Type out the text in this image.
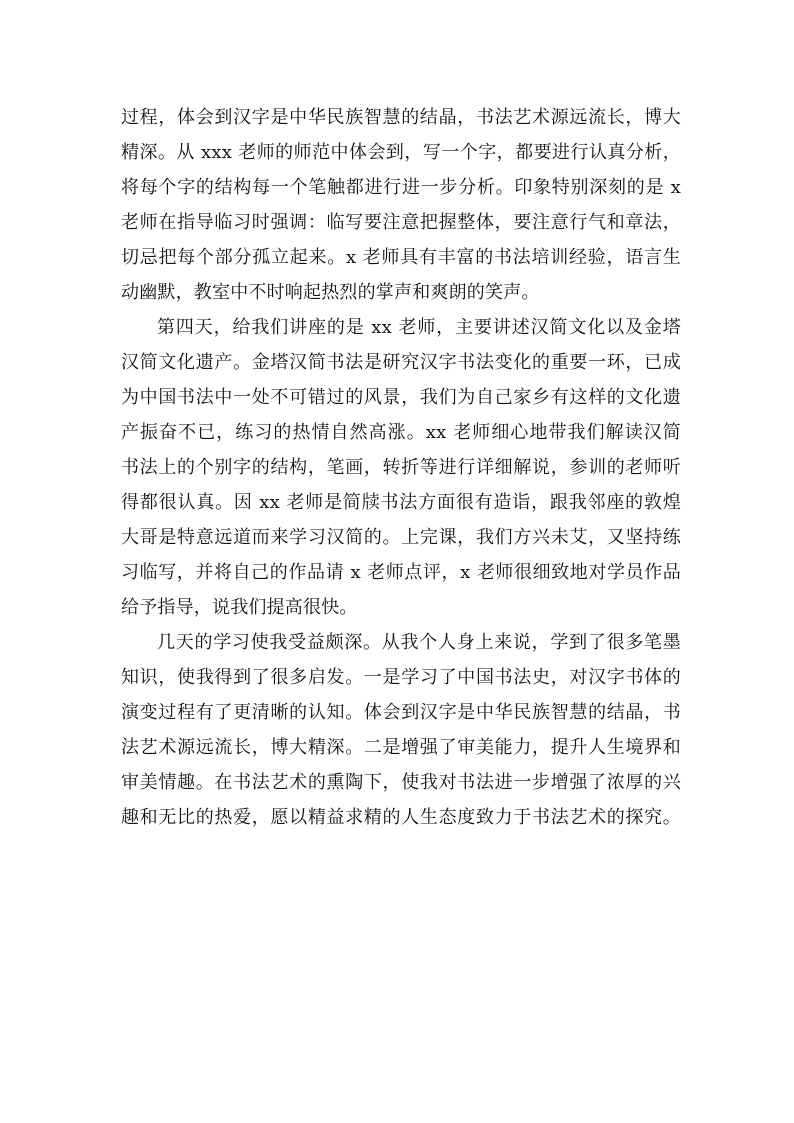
过程，体会到汉字是中华民族智慧的结晶，书法艺术源远流长，博大
精深。从 xxx 老师的师范中体会到，写一个字，都要进行认真分析，
将每个字的结构每一个笔触都进行进一步分析。印象特别深刻的是 x
老师在指导临习时强调：临写要注意把握整体，要注意行气和章法，
切忌把每个部分孤立起来。x 老师具有丰富的书法培训经验，语言生
动幽默，教室中不时响起热烈的掌声和爽朗的笑声。
第四天，给我们讲座的是 xx 老师，主要讲述汉简文化以及金塔
汉简文化遗产。金塔汉简书法是研究汉字书法变化的重要一环，已成
为中国书法中一处不可错过的风景，我们为自己家乡有这样的文化遗
产振奋不已，练习的热情自然高涨。xx 老师细心地带我们解读汉简
书法上的个别字的结构，笔画，转折等进行详细解说，参训的老师听
得都很认真。因 xx 老师是简牍书法方面很有造诣，跟我邻座的敦煌
大哥是特意远道而来学习汉简的。上完课，我们方兴未艾，又坚持练
习临写，并将自己的作品请 x 老师点评，x 老师很细致地对学员作品
给予指导，说我们提高很快。
几天的学习使我受益颇深。从我个人身上来说，学到了很多笔墨
知识，使我得到了很多启发。一是学习了中国书法史，对汉字书体的
演变过程有了更清晰的认知。体会到汉字是中华民族智慧的结晶，书
法艺术源远流长，博大精深。二是增强了审美能力，提升人生境界和
审美情趣。在书法艺术的熏陶下，使我对书法进一步增强了浓厚的兴
趣和无比的热爱，愿以精益求精的人生态度致力于书法艺术的探究。
